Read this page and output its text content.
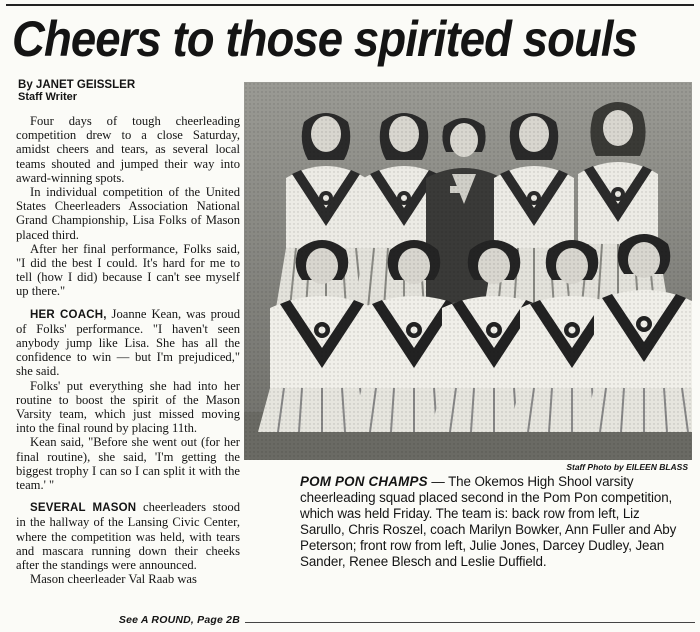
Cheers to those spirited souls
By JANET GEISSLER
Staff Writer

Four days of tough cheerleading competition drew to a close Saturday, amidst cheers and tears, as several local teams shouted and jumped their way into award-winning spots.

In individual competition of the United States Cheerleaders Association National Grand Championship, Lisa Folks of Mason placed third.

After her final performance, Folks said, "I did the best I could. It's hard for me to tell (how I did) because I can't see myself up there."

HER COACH, Joanne Kean, was proud of Folks' performance. "I haven't seen anybody jump like Lisa. She has all the confidence to win — but I'm prejudiced," she said.

Folks' put everything she had into her routine to boost the spirit of the Mason Varsity team, which just missed moving into the final round by placing 11th.

Kean said, "Before she went out (for her final routine), she said, 'I'm getting the biggest trophy I can so I can split it with the team.' "

SEVERAL MASON cheerleaders stood in the hallway of the Lansing Civic Center, where the competition was held, with tears and mascara running down their cheeks after the standings were announced.

Mason cheerleader Val Raab was

See A ROUND, Page 2B
Staff Photo by EILEEN BLASS
POM PON CHAMPS — The Okemos High Shool varsity cheerleading squad placed second in the Pom Pon competition, which was held Friday. The team is: back row from left, Liz Sarullo, Chris Roszel, coach Marilyn Bowker, Ann Fuller and Aby Peterson; front row from left, Julie Jones, Darcey Dudley, Jean Sander, Renee Blesch and Leslie Duffield.
